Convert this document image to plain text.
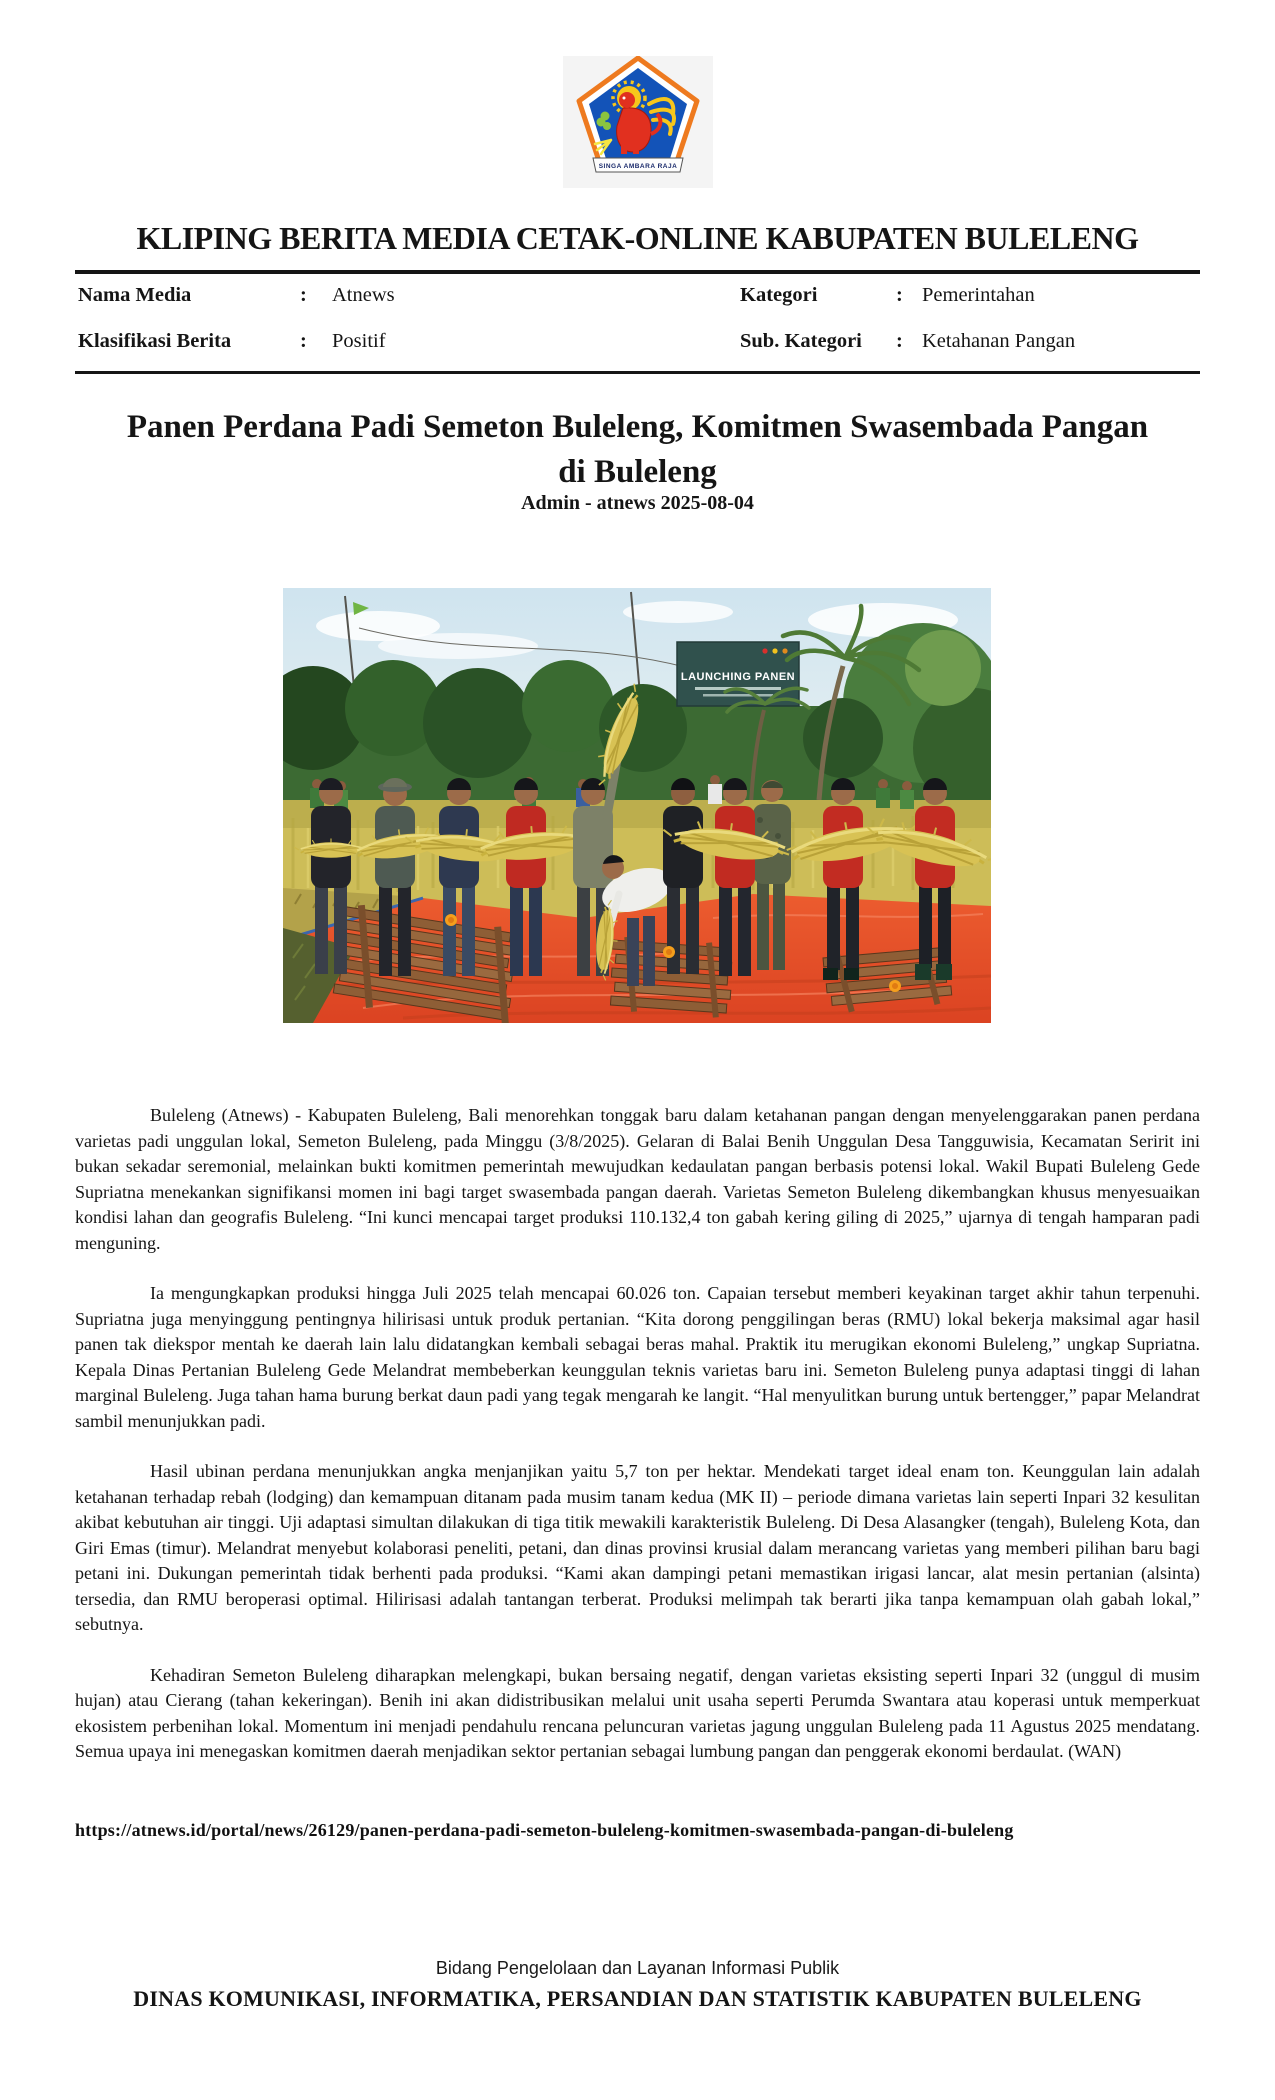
SINGA AMBARA RAJA
KLIPING BERITA MEDIA CETAK-ONLINE KABUPATEN BULELENG
Nama Media	: Atnews	Kategori	: Pemerintahan
Klasifikasi Berita	: Positif	Sub. Kategori : Ketahanan Pangan
Panen Perdana Padi Semeton Buleleng, Komitmen Swasembada Pangan
di Buleleng
Admin - atnews 2025-08-04
LAUNCHING PANEN

Buleleng (Atnews) - Kabupaten Buleleng, Bali menorehkan tonggak baru dalam ketahanan pangan dengan menyelenggarakan panen perdana varietas padi unggulan lokal, Semeton Buleleng, pada Minggu (3/8/2025). Gelaran di Balai Benih Unggulan Desa Tangguwisia, Kecamatan Seririt ini bukan sekadar seremonial, melainkan bukti komitmen pemerintah mewujudkan kedaulatan pangan berbasis potensi lokal. Wakil Bupati Buleleng Gede Supriatna menekankan signifikansi momen ini bagi target swasembada pangan daerah. Varietas Semeton Buleleng dikembangkan khusus menyesuaikan kondisi lahan dan geografis Buleleng. “Ini kunci mencapai target produksi 110.132,4 ton gabah kering giling di 2025,” ujarnya di tengah hamparan padi menguning.

Ia mengungkapkan produksi hingga Juli 2025 telah mencapai 60.026 ton. Capaian tersebut memberi keyakinan target akhir tahun terpenuhi. Supriatna juga menyinggung pentingnya hilirisasi untuk produk pertanian. “Kita dorong penggilingan beras (RMU) lokal bekerja maksimal agar hasil panen tak diekspor mentah ke daerah lain lalu didatangkan kembali sebagai beras mahal. Praktik itu merugikan ekonomi Buleleng,” ungkap Supriatna. Kepala Dinas Pertanian Buleleng Gede Melandrat membeberkan keunggulan teknis varietas baru ini. Semeton Buleleng punya adaptasi tinggi di lahan marginal Buleleng. Juga tahan hama burung berkat daun padi yang tegak mengarah ke langit. “Hal menyulitkan burung untuk bertengger,” papar Melandrat sambil menunjukkan padi.

Hasil ubinan perdana menunjukkan angka menjanjikan yaitu 5,7 ton per hektar. Mendekati target ideal enam ton. Keunggulan lain adalah ketahanan terhadap rebah (lodging) dan kemampuan ditanam pada musim tanam kedua (MK II) – periode dimana varietas lain seperti Inpari 32 kesulitan akibat kebutuhan air tinggi. Uji adaptasi simultan dilakukan di tiga titik mewakili karakteristik Buleleng. Di Desa Alasangker (tengah), Buleleng Kota, dan Giri Emas (timur). Melandrat menyebut kolaborasi peneliti, petani, dan dinas provinsi krusial dalam merancang varietas yang memberi pilihan baru bagi petani ini. Dukungan pemerintah tidak berhenti pada produksi. “Kami akan dampingi petani memastikan irigasi lancar, alat mesin pertanian (alsinta) tersedia, dan RMU beroperasi optimal. Hilirisasi adalah tantangan terberat. Produksi melimpah tak berarti jika tanpa kemampuan olah gabah lokal,” sebutnya.

Kehadiran Semeton Buleleng diharapkan melengkapi, bukan bersaing negatif, dengan varietas eksisting seperti Inpari 32 (unggul di musim hujan) atau Cierang (tahan kekeringan). Benih ini akan didistribusikan melalui unit usaha seperti Perumda Swantara atau koperasi untuk memperkuat ekosistem perbenihan lokal. Momentum ini menjadi pendahulu rencana peluncuran varietas jagung unggulan Buleleng pada 11 Agustus 2025 mendatang. Semua upaya ini menegaskan komitmen daerah menjadikan sektor pertanian sebagai lumbung pangan dan penggerak ekonomi berdaulat. (WAN)

https://atnews.id/portal/news/26129/panen-perdana-padi-semeton-buleleng-komitmen-swasembada-pangan-di-buleleng
Bidang Pengelolaan dan Layanan Informasi Publik
DINAS KOMUNIKASI, INFORMATIKA, PERSANDIAN DAN STATISTIK KABUPATEN BULELENG
